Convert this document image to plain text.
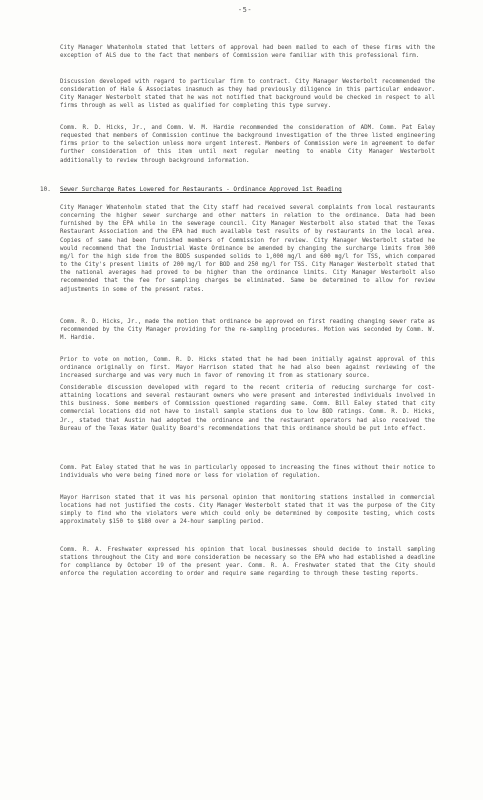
-5-
City Manager Whatenholm stated that letters of approval had been mailed to each of these firms with the exception of ALS due to the fact that members of Commission were familiar with this professional firm.
Discussion developed with regard to particular firm to contract. City Manager Westerbolt recommended the consideration of Hale & Associates inasmuch as they had previously diligence in this particular endeavor. City Manager Westerbolt stated that he was not notified that background would be checked in respect to all firms through as well as listed as qualified for completing this type survey.
Comm. R. D. Hicks, Jr., and Comm. W. M. Hardie recommended the consideration of ADM. Comm. Pat Ealey requested that members of Commission continue the background investigation of the three listed engineering firms prior to the selection unless more urgent interest. Members of Commission were in agreement to defer further consideration of this item until next regular meeting to enable City Manager Westerbolt additionally to review through background information.
10. Sewer Surcharge Rates Lowered for Restaurants - Ordinance Approved 1st Reading
City Manager Whatenholm stated that the City staff had received several complaints from local restaurants concerning the higher sewer surcharge and other matters in relation to the ordinance. Data had been furnished by the EPA while in the sewerage council. City Manager Westerbolt also stated that the Texas Restaurant Association and the EPA had much available test results of by restaurants in the local area. Copies of same had been furnished members of Commission for review. City Manager Westerbolt stated he would recommend that the Industrial Waste Ordinance be amended by changing the surcharge limits from 300 mg/l for the high side from the BOD5 suspended solids to 1,000 mg/l and 600 mg/l for TSS, which compared to the City's present limits of 200 mg/l for BOD and 250 mg/l for TSS. City Manager Westerbolt stated that the national averages had proved to be higher than the ordinance limits. City Manager Westerbolt also recommended that the fee for sampling charges be eliminated. Same be determined to allow for review adjustments in some of the present rates.
Comm. R. D. Hicks, Jr., made the motion that ordinance be approved on first reading changing sewer rate as recommended by the City Manager providing for the re-sampling procedures. Motion was seconded by Comm. W. M. Hardie.
Prior to vote on motion, Comm. R. D. Hicks stated that he had been initially against approval of this ordinance originally on first. Mayor Harrison stated that he had also been against reviewing of the increased surcharge and was very much in favor of removing it from as stationary source.
Considerable discussion developed with regard to the recent criteria of reducing surcharge for cost-attaining locations and several restaurant owners who were present and interested individuals involved in this business. Some members of Commission questioned regarding same. Comm. Bill Ealey stated that city commercial locations did not have to install sample stations due to low BOD ratings. Comm. R. D. Hicks, Jr., stated that Austin had adopted the ordinance and the restaurant operators had also received the Bureau of the Texas Water Quality Board's recommendations that this ordinance should be put into effect.
Comm. Pat Ealey stated that he was in particularly opposed to increasing the fines without their notice to individuals who were being fined more or less for violation of regulation.
Mayor Harrison stated that it was his personal opinion that monitoring stations installed in commercial locations had not justified the costs. City Manager Westerbolt stated that it was the purpose of the City simply to find who the violators were which could only be determined by composite testing, which costs approximately $150 to $180 over a 24-hour sampling period.
Comm. R. A. Freshwater expressed his opinion that local businesses should decide to install sampling stations throughout the City and more consideration be necessary so the EPA who had established a deadline for compliance by October 19 of the present year. Comm. R. A. Freshwater stated that the City should enforce the regulation according to order and require same regarding to through these testing reports.
